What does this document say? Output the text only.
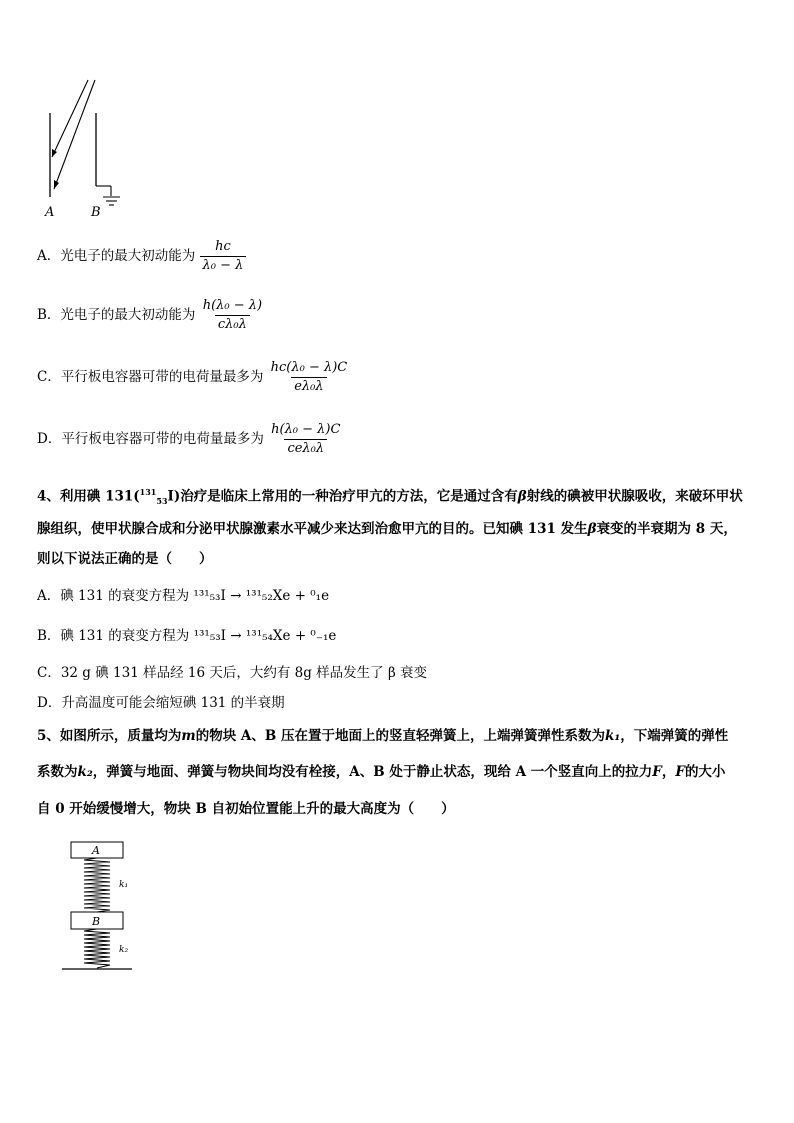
A	B
A．光电子的最大初动能为 $\frac{hc}{\text{λ₀ − λ}}$
B．光电子的最大初动能为 $\frac{\text{h(λ₀ − λ)}}{\text{cλ₀λ}}$
C．平行板电容器可带的电荷量最多为 $\frac{\text{hc(λ₀ − λ)C}}{\text{eλ₀λ}}$
D．平行板电容器可带的电荷量最多为 $\frac{\text{h(λ₀ − λ)C}}{\text{ceλ₀λ}}$
4、利用碘 131($^{131}_{53}$I)治疗是临床上常用的一种治疗甲亢的方法，它是通过含有β射线的碘被甲状腺吸收，来破环甲状
腺组织，使甲状腺合成和分泌甲状腺激素水平减少来达到治愈甲亢的目的。已知碘 131 发生β衰变的半衰期为 8 天，
则以下说法正确的是（　　）
A．碘 131 的衰变方程为 ¹³¹₅₃I → ¹³¹₅₂Xe + ⁰₁e
B．碘 131 的衰变方程为 ¹³¹₅₃I → ¹³¹₅₄Xe + ⁰₋₁e
C．32 g 碘 131 样品经 16 天后，大约有 8g 样品发生了 β 衰变
D．升高温度可能会缩短碘 131 的半衰期
5、如图所示，质量均为m的物块 A、B 压在置于地面上的竖直轻弹簧上，上端弹簧弹性系数为k₁，下端弹簧的弹性
系数为k₂，弹簧与地面、弹簧与物块间均没有栓接，A、B 处于静止状态，现给 A 一个竖直向上的拉力F，F的大小
自 0 开始缓慢增大，物块 B 自初始位置能上升的最大高度为（　　）
A
k₁
B
k₂
